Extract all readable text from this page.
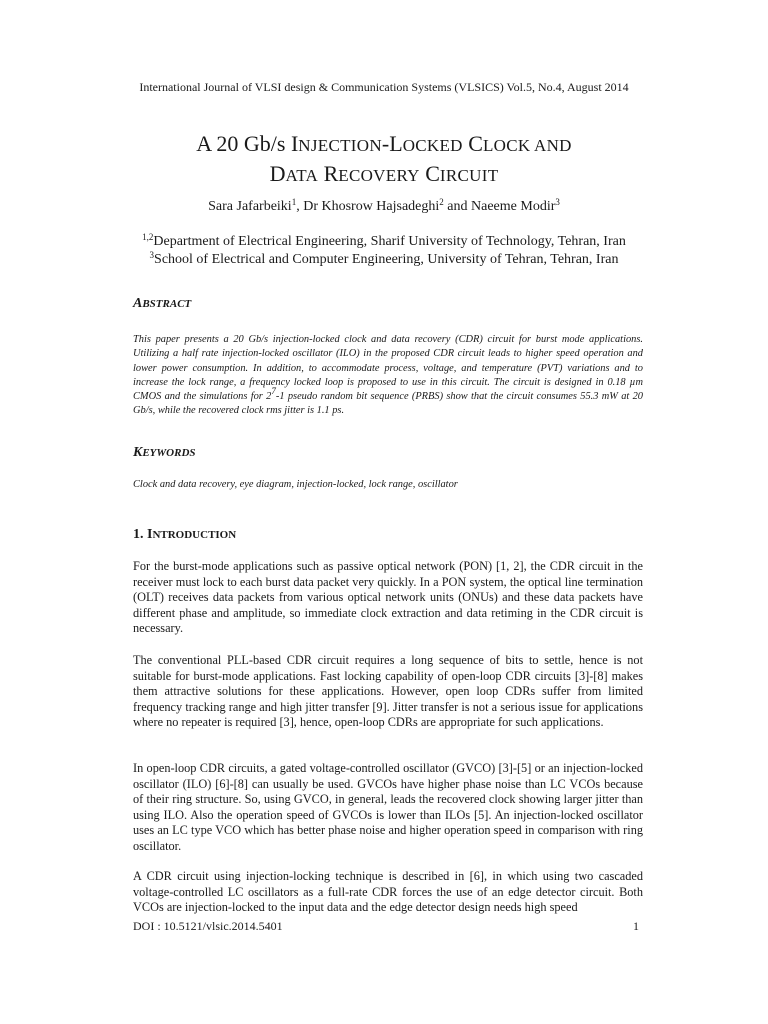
International Journal of VLSI design & Communication Systems (VLSICS) Vol.5, No.4, August 2014
A 20 Gb/s INJECTION-LOCKED CLOCK AND
DATA RECOVERY CIRCUIT
Sara Jafarbeiki$^1$, Dr Khosrow Hajsadeghi$^2$ and Naeeme Modir$^3$
$^{1,2}$Department of Electrical Engineering, Sharif University of Technology, Tehran, Iran
$^3$School of Electrical and Computer Engineering, University of Tehran, Tehran, Iran
ABSTRACT

This paper presents a 20 Gb/s injection-locked clock and data recovery (CDR) circuit for burst mode applications. Utilizing a half rate injection-locked oscillator (ILO) in the proposed CDR circuit leads to higher speed operation and lower power consumption. In addition, to accommodate process, voltage, and temperature (PVT) variations and to increase the lock range, a frequency locked loop is proposed to use in this circuit. The circuit is designed in 0.18 µm CMOS and the simulations for $2^7-1$ pseudo random bit sequence (PRBS) show that the circuit consumes 55.3 mW at 20 Gb/s, while the recovered clock rms jitter is 1.1 ps.

KEYWORDS

Clock and data recovery, eye diagram, injection-locked, lock range, oscillator

1. INTRODUCTION

For the burst-mode applications such as passive optical network (PON) [1, 2], the CDR circuit in the receiver must lock to each burst data packet very quickly. In a PON system, the optical line termination (OLT) receives data packets from various optical network units (ONUs) and these data packets have different phase and amplitude, so immediate clock extraction and data retiming in the CDR circuit is necessary.

The conventional PLL-based CDR circuit requires a long sequence of bits to settle, hence is not suitable for burst-mode applications. Fast locking capability of open-loop CDR circuits [3]-[8] makes them attractive solutions for these applications. However, open loop CDRs suffer from limited frequency tracking range and high jitter transfer [9]. Jitter transfer is not a serious issue for applications where no repeater is required [3], hence, open-loop CDRs are appropriate for such applications.

In open-loop CDR circuits, a gated voltage-controlled oscillator (GVCO) [3]-[5] or an injection-locked oscillator (ILO) [6]-[8] can usually be used. GVCOs have higher phase noise than LC VCOs because of their ring structure. So, using GVCO, in general, leads the recovered clock showing larger jitter than using ILO. Also the operation speed of GVCOs is lower than ILOs [5]. An injection-locked oscillator uses an LC type VCO which has better phase noise and higher operation speed in comparison with ring oscillator.

A CDR circuit using injection-locking technique is described in [6], in which using two cascaded voltage-controlled LC oscillators as a full-rate CDR forces the use of an edge detector circuit. Both VCOs are injection-locked to the input data and the edge detector design needs high speed

DOI : 10.5121/vlsic.2014.5401	1
